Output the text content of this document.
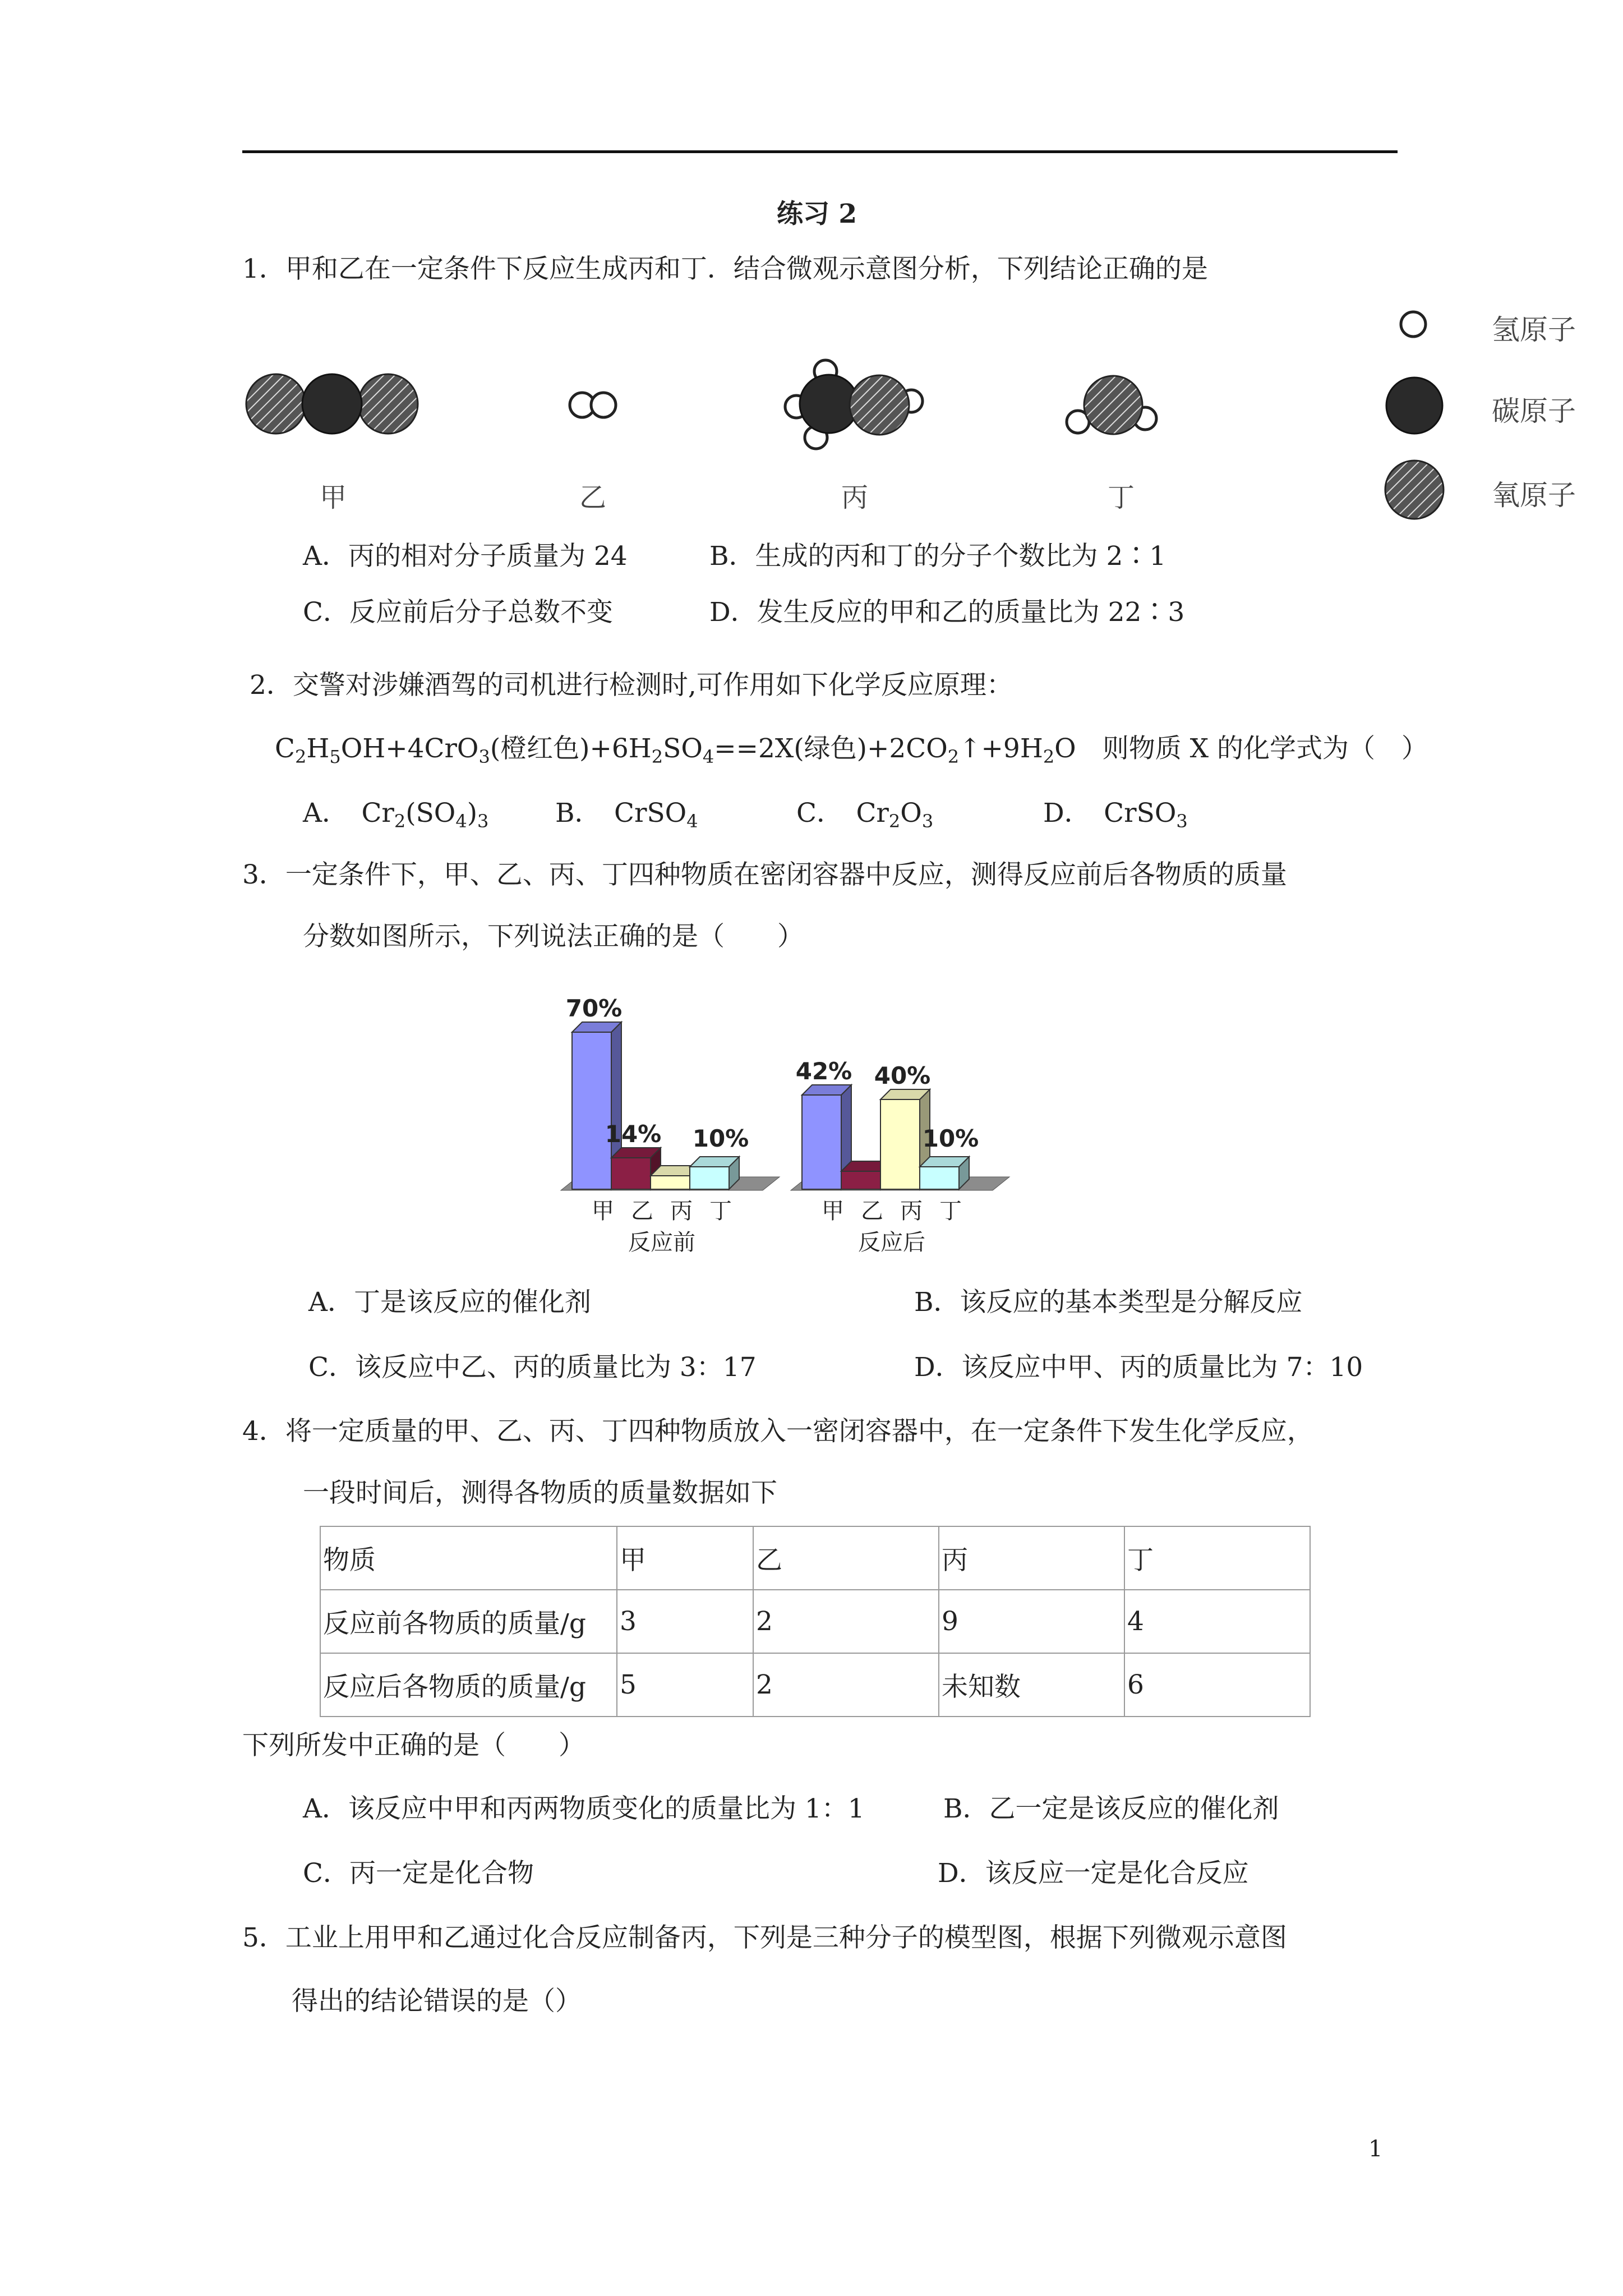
练习 2
1．甲和乙在一定条件下反应生成丙和丁．结合微观示意图分析，下列结论正确的是
氢原子
碳原子
氧原子
甲	乙	丙	丁
A．丙的相对分子质量为 24	B．生成的丙和丁的分子个数比为 2∶1
C．反应前后分子总数不变	D．发生反应的甲和乙的质量比为 22∶3
2．交警对涉嫌酒驾的司机进行检测时,可作用如下化学反应原理：
$C_2H_5OH+4CrO_3$(橙红色)$+6H_2SO_4==2X$(绿色)$+2CO_2↑+9H_2O$　则物质 X 的化学式为（　）
A．　$Cr_2(SO_4)_3$	B．　CrSO$_4$	C．　$Cr_2O_3$	D．　CrSO$_3$
3．一定条件下，甲、乙、丙、丁四种物质在密闭容器中反应，测得反应前后各物质的质量
分数如图所示，下列说法正确的是（　　）
70%
14% 10%
甲 乙 丙 丁
反应前
42% 40%
10%
甲 乙 丙 丁
反应后
A．丁是该反应的催化剂	B．该反应的基本类型是分解反应
C．该反应中乙、丙的质量比为 3：17	D．该反应中甲、丙的质量比为 7：10
4．将一定质量的甲、乙、丙、丁四种物质放入一密闭容器中，在一定条件下发生化学反应，
一段时间后，测得各物质的质量数据如下
物质	甲	乙	丙	丁
反应前各物质的质量/g	3	2	9	4
反应后各物质的质量/g	5	2	未知数	6
下列所发中正确的是（　　）
A．该反应中甲和丙两物质变化的质量比为 1：1	B．乙一定是该反应的催化剂
C．丙一定是化合物	D．该反应一定是化合反应
5．工业上用甲和乙通过化合反应制备丙，下列是三种分子的模型图，根据下列微观示意图
得出的结论错误的是（）
1
